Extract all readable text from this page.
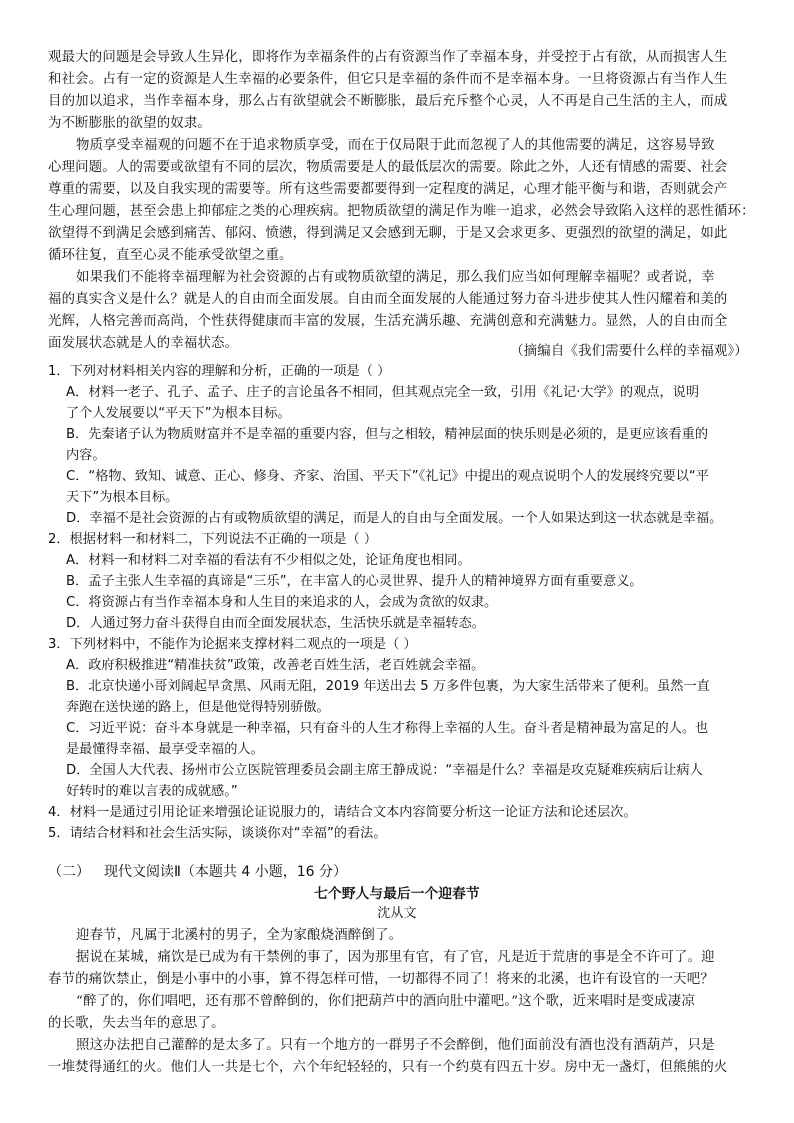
观最大的问题是会导致人生异化，即将作为幸福条件的占有资源当作了幸福本身，并受控于占有欲，从而损害人生
和社会。占有一定的资源是人生幸福的必要条件，但它只是幸福的条件而不是幸福本身。一旦将资源占有当作人生
目的加以追求，当作幸福本身，那么占有欲望就会不断膨胀，最后充斥整个心灵，人不再是自己生活的主人，而成
为不断膨胀的欲望的奴隶。
物质享受幸福观的问题不在于追求物质享受，而在于仅局限于此而忽视了人的其他需要的满足，这容易导致
心理问题。人的需要或欲望有不同的层次，物质需要是人的最低层次的需要。除此之外，人还有情感的需要、社会
尊重的需要，以及自我实现的需要等。所有这些需要都要得到一定程度的满足，心理才能平衡与和谐，否则就会产
生心理问题，甚至会患上抑郁症之类的心理疾病。把物质欲望的满足作为唯一追求，必然会导致陷入这样的恶性循环：
欲望得不到满足会感到痛苦、郁闷、愤懑，得到满足又会感到无聊，于是又会求更多、更强烈的欲望的满足，如此
循环往复，直至心灵不能承受欲望之重。
如果我们不能将幸福理解为社会资源的占有或物质欲望的满足，那么我们应当如何理解幸福呢？或者说，幸
福的真实含义是什么？就是人的自由而全面发展。自由而全面发展的人能通过努力奋斗进步使其人性闪耀着和美的
光辉，人格完善而高尚，个性获得健康而丰富的发展，生活充满乐趣、充满创意和充满魅力。显然，人的自由而全
面发展状态就是人的幸福状态。
（摘编自《我们需要什么样的幸福观》）
1．下列对材料相关内容的理解和分析，正确的一项是（ ）
A．材料一老子、孔子、孟子、庄子的言论虽各不相同，但其观点完全一致，引用《礼记·大学》的观点，说明
了个人发展要以“平天下”为根本目标。
B．先秦诸子认为物质财富并不是幸福的重要内容，但与之相较，精神层面的快乐则是必须的，是更应该看重的
内容。
C．“格物、致知、诚意、正心、修身、齐家、治国、平天下”《礼记》中提出的观点说明个人的发展终究要以“平
天下”为根本目标。
D．幸福不是社会资源的占有或物质欲望的满足，而是人的自由与全面发展。一个人如果达到这一状态就是幸福。
2．根据材料一和材料二，下列说法不正确的一项是（ ）
A．材料一和材料二对幸福的看法有不少相似之处，论证角度也相同。
B．孟子主张人生幸福的真谛是“三乐”，在丰富人的心灵世界、提升人的精神境界方面有重要意义。
C．将资源占有当作幸福本身和人生目的来追求的人，会成为贪欲的奴隶。
D．人通过努力奋斗获得自由而全面发展状态，生活快乐就是幸福转态。
3．下列材料中，不能作为论据来支撑材料二观点的一项是（ ）
A．政府积极推进“精准扶贫”政策，改善老百姓生活，老百姓就会幸福。
B．北京快递小哥刘阔起早贪黑、风雨无阻，2019 年送出去 5 万多件包裹，为大家生活带来了便利。虽然一直
奔跑在送快递的路上，但是他觉得特别骄傲。
C．习近平说：奋斗本身就是一种幸福，只有奋斗的人生才称得上幸福的人生。奋斗者是精神最为富足的人。也
是最懂得幸福、最享受幸福的人。
D．全国人大代表、扬州市公立医院管理委员会副主席王静成说：“幸福是什么？幸福是攻克疑难疾病后让病人
好转时的难以言表的成就感。”
4．材料一是通过引用论证来增强论证说服力的，请结合文本内容简要分析这一论证方法和论述层次。
5．请结合材料和社会生活实际，谈谈你对“幸福”的看法。
（二） 现代文阅读Ⅱ（本题共 4 小题，16 分）
七个野人与最后一个迎春节
沈从文
迎春节，凡属于北溪村的男子，全为家酿烧酒醉倒了。
据说在某城，痛饮是已成为有干禁例的事了，因为那里有官，有了官，凡是近于荒唐的事是全不许可了。迎
春节的痛饮禁止，倒是小事中的小事，算不得怎样可惜，一切都得不同了！将来的北溪，也许有设官的一天吧？
“醉了的，你们唱吧，还有那不曾醉倒的，你们把葫芦中的酒向肚中灌吧。”这个歌，近来唱时是变成凄凉
的长歌，失去当年的意思了。
照这办法把自己灌醉的是太多了。只有一个地方的一群男子不会醉倒，他们面前没有酒也没有酒葫芦，只是
一堆焚得通红的火。他们人一共是七个，六个年纪轻轻的，只有一个约莫有四五十岁。房中无一盏灯，但熊熊的火
